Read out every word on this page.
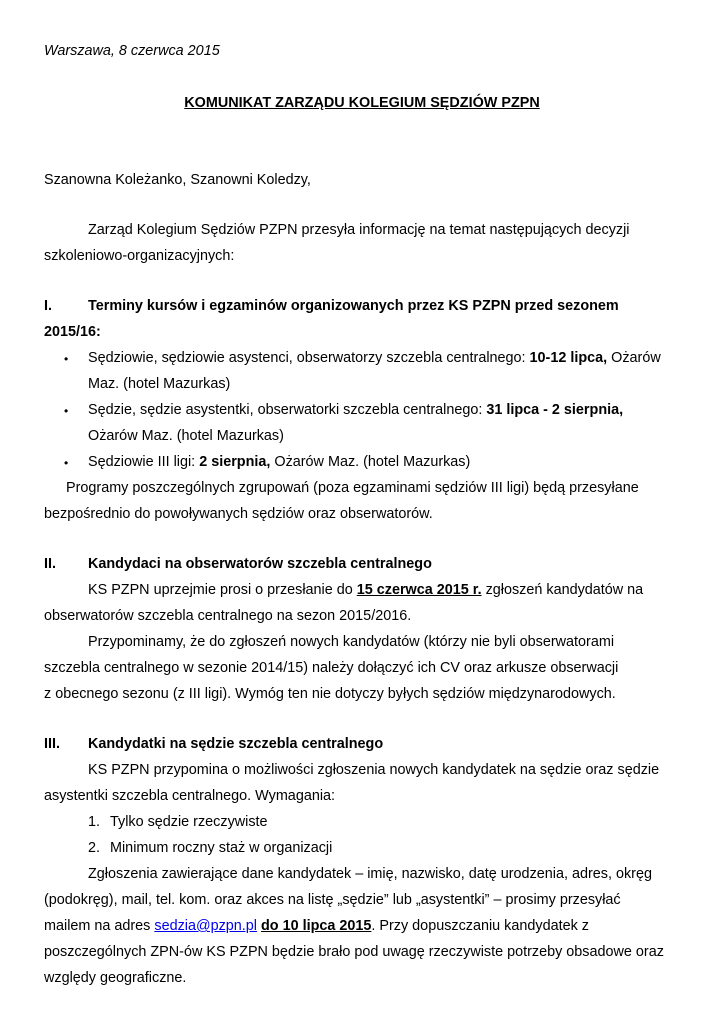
Warszawa, 8 czerwca 2015
KOMUNIKAT ZARZĄDU KOLEGIUM SĘDZIÓW PZPN
Szanowna Koleżanko, Szanowni Koledzy,
Zarząd Kolegium Sędziów PZPN przesyła informację na temat następujących decyzji
szkoleniowo-organizacyjnych:
I.	Terminy kursów i egzaminów organizowanych przez KS PZPN przed sezonem
2015/16:
• Sędziowie, sędziowie asystenci, obserwatorzy szczebla centralnego: 10-12 lipca, Ożarów
Maz. (hotel Mazurkas)
• Sędzie, sędzie asystentki, obserwatorki szczebla centralnego: 31 lipca - 2 sierpnia,
Ożarów Maz. (hotel Mazurkas)
• Sędziowie III ligi: 2 sierpnia, Ożarów Maz. (hotel Mazurkas)
Programy poszczególnych zgrupowań (poza egzaminami sędziów III ligi) będą przesyłane
bezpośrednio do powoływanych sędziów oraz obserwatorów.
II. Kandydaci na obserwatorów szczebla centralnego
KS PZPN uprzejmie prosi o przesłanie do 15 czerwca 2015 r. zgłoszeń kandydatów na
obserwatorów szczebla centralnego na sezon 2015/2016.
Przypominamy, że do zgłoszeń nowych kandydatów (którzy nie byli obserwatorami
szczebla centralnego w sezonie 2014/15) należy dołączyć ich CV oraz arkusze obserwacji
z obecnego sezonu (z III ligi). Wymóg ten nie dotyczy byłych sędziów międzynarodowych.
III. Kandydatki na sędzie szczebla centralnego
KS PZPN przypomina o możliwości zgłoszenia nowych kandydatek na sędzie oraz sędzie
asystentki szczebla centralnego. Wymagania:
1. Tylko sędzie rzeczywiste
2. Minimum roczny staż w organizacji
Zgłoszenia zawierające dane kandydatek – imię, nazwisko, datę urodzenia, adres, okręg
(podokręg), mail, tel. kom. oraz akces na listę „sędzie” lub „asystentki” – prosimy przesyłać
mailem na adres sedzia@pzpn.pl do 10 lipca 2015. Przy dopuszczaniu kandydatek z
poszczególnych ZPN-ów KS PZPN będzie brało pod uwagę rzeczywiste potrzeby obsadowe oraz
względy geograficzne.
